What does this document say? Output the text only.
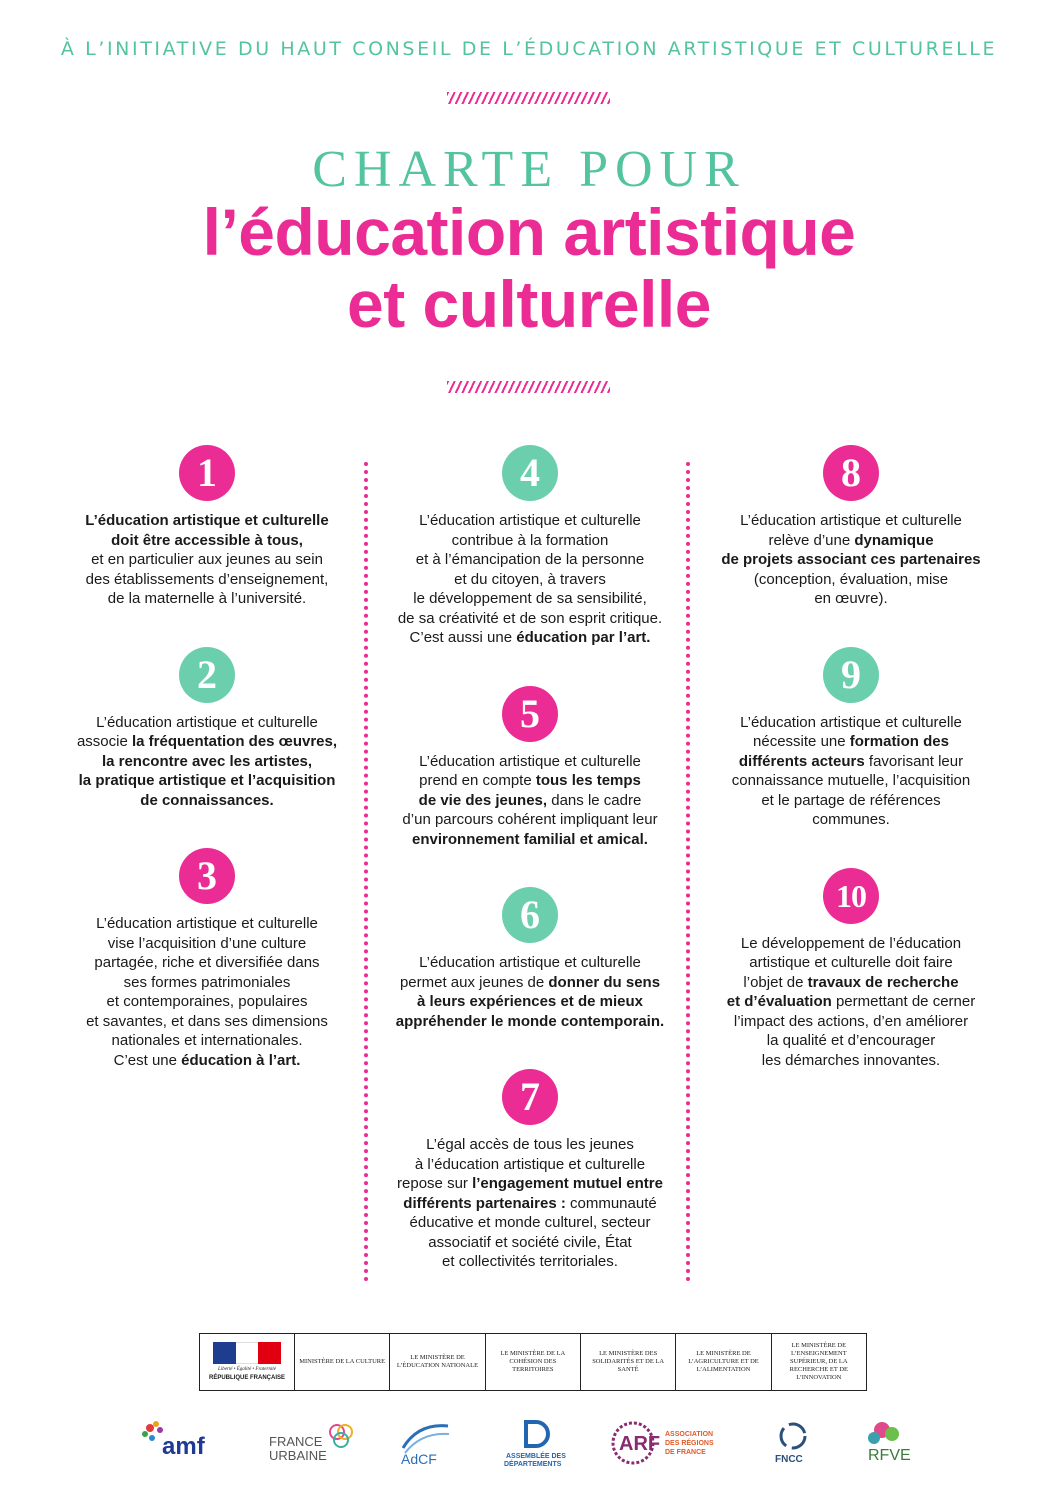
À L’INITIATIVE DU HAUT CONSEIL DE L’ÉDUCATION ARTISTIQUE ET CULTURELLE
CHARTE POUR
l’éducation artistique
et culturelle
1
L’éducation artistique et culturelle
doit être accessible à tous,
et en particulier aux jeunes au sein
des établissements d’enseignement,
de la maternelle à l’université.
2
L’éducation artistique et culturelle
associe la fréquentation des œuvres,
la rencontre avec les artistes,
la pratique artistique et l’acquisition
de connaissances.
3
L’éducation artistique et culturelle
vise l’acquisition d’une culture
partagée, riche et diversifiée dans
ses formes patrimoniales
et contemporaines, populaires
et savantes, et dans ses dimensions
nationales et internationales.
C’est une éducation à l’art.
4
L’éducation artistique et culturelle
contribue à la formation
et à l’émancipation de la personne
et du citoyen, à travers
le développement de sa sensibilité,
de sa créativité et de son esprit critique.
C’est aussi une éducation par l’art.
5
L’éducation artistique et culturelle
prend en compte tous les temps
de vie des jeunes, dans le cadre
d’un parcours cohérent impliquant leur
environnement familial et amical.
6
L’éducation artistique et culturelle
permet aux jeunes de donner du sens
à leurs expériences et de mieux
appréhender le monde contemporain.
7
L’égal accès de tous les jeunes
à l’éducation artistique et culturelle
repose sur l’engagement mutuel entre
différents partenaires : communauté
éducative et monde culturel, secteur
associatif et société civile, État
et collectivités territoriales.
8
L’éducation artistique et culturelle
relève d’une dynamique
de projets associant ces partenaires
(conception, évaluation, mise
en œuvre).
9
L’éducation artistique et culturelle
nécessite une formation des
différents acteurs favorisant leur
connaissance mutuelle, l’acquisition
et le partage de références
communes.
10
Le développement de l’éducation
artistique et culturelle doit faire
l’objet de travaux de recherche
et d’évaluation permettant de cerner
l’impact des actions, d’en améliorer
la qualité et d’encourager
les démarches innovantes.
Liberté • Égalité • Fraternité
RÉPUBLIQUE FRANÇAISE
MINISTÈRE DE LA CULTURE
LE MINISTÈRE DE L’ÉDUCATION NATIONALE
LE MINISTÈRE DE LA COHÉSION DES TERRITOIRES
LE MINISTÈRE DES SOLIDARITÉS ET DE LA SANTÉ
LE MINISTÈRE DE L’AGRICULTURE ET DE L’ALIMENTATION
LE MINISTÈRE DE L’ENSEIGNEMENT SUPÉRIEUR, DE LA RECHERCHE ET DE L’INNOVATION
amf	FRANCE
URBAINE	AdCF	ASSEMBLÉE DES
DÉPARTEMENTS
ARF ASSOCIATION
DES RÉGIONS
DE FRANCE
FNCC	RFVE
